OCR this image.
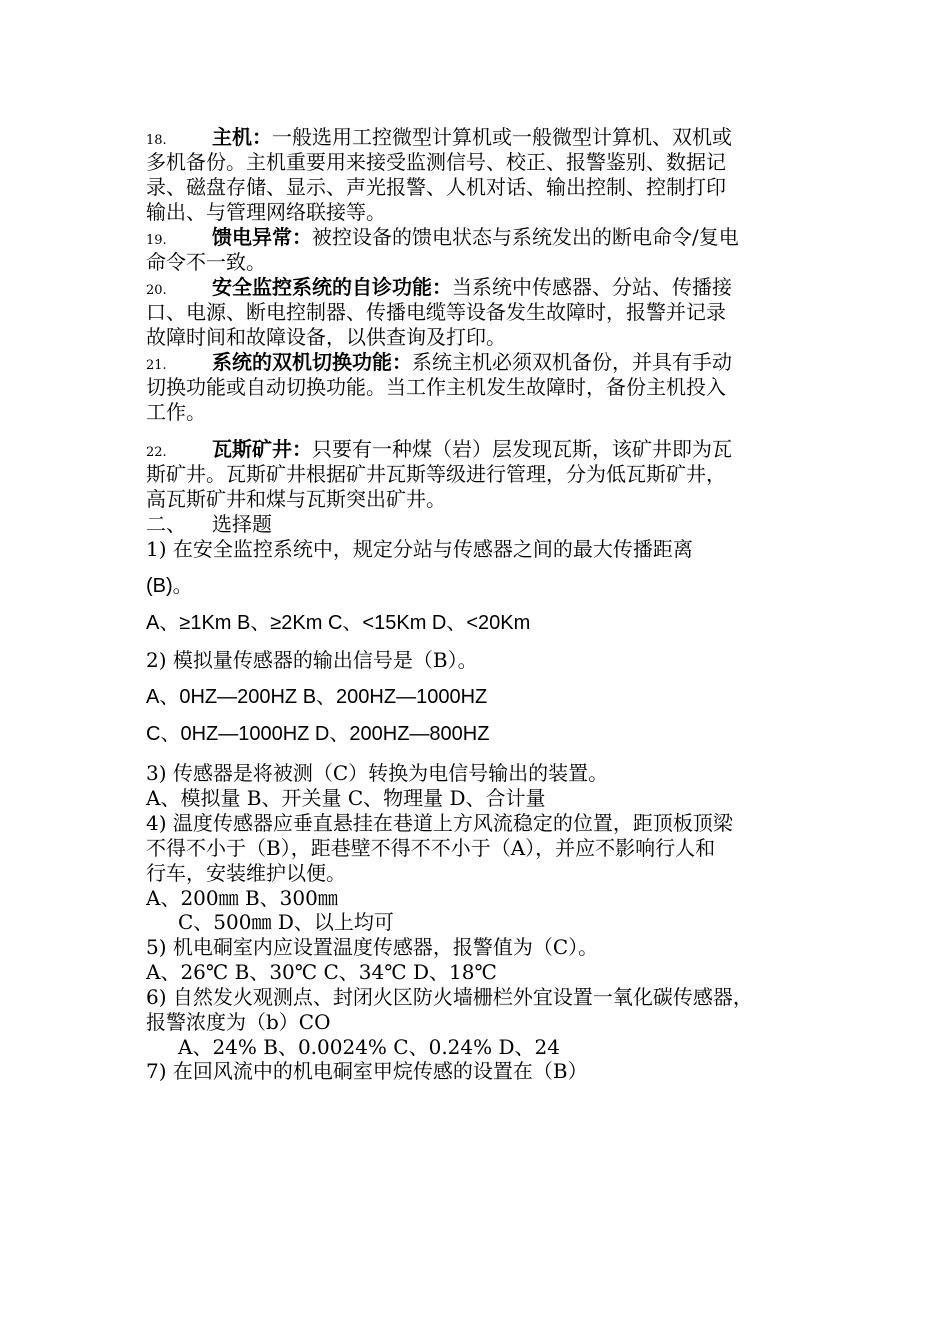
18. 主机：一般选用工控微型计算机或一般微型计算机、双机或
多机备份。主机重要用来接受监测信号、校正、报警鉴别、数据记
录、磁盘存储、显示、声光报警、人机对话、输出控制、控制打印
输出、与管理网络联接等。
19. 馈电异常：被控设备的馈电状态与系统发出的断电命令/复电
命令不一致。
20. 安全监控系统的自诊功能：当系统中传感器、分站、传播接
口、电源、断电控制器、传播电缆等设备发生故障时，报警并记录
故障时间和故障设备，以供查询及打印。
21. 系统的双机切换功能：系统主机必须双机备份，并具有手动
切换功能或自动切换功能。当工作主机发生故障时，备份主机投入
工作。
22. 瓦斯矿井：只要有一种煤（岩）层发现瓦斯，该矿井即为瓦
斯矿井。瓦斯矿井根据矿井瓦斯等级进行管理，分为低瓦斯矿井，
高瓦斯矿井和煤与瓦斯突出矿井。
二、 选择题
1) 在安全监控系统中，规定分站与传感器之间的最大传播距离
(B)。
A、≥1Km B、≥2Km C、<15Km D、<20Km
2) 模拟量传感器的输出信号是（B）。
A、0HZ—200HZ B、200HZ—1000HZ
C、0HZ—1000HZ D、200HZ—800HZ
3) 传感器是将被测（C）转换为电信号输出的装置。
A、模拟量 B、开关量 C、物理量 D、合计量
4) 温度传感器应垂直悬挂在巷道上方风流稳定的位置，距顶板顶梁
不得不小于（B），距巷壁不得不不小于（A），并应不影响行人和
行车，安装维护以便。
A、200㎜ B、300㎜
C、500㎜ D、以上均可
5) 机电硐室内应设置温度传感器，报警值为（C）。
A、26℃ B、30℃ C、34℃ D、18℃
6) 自然发火观测点、封闭火区防火墙栅栏外宜设置一氧化碳传感器，
报警浓度为（b）CO
A、24% B、0.0024% C、0.24% D、24
7) 在回风流中的机电硐室甲烷传感的设置在（B）
